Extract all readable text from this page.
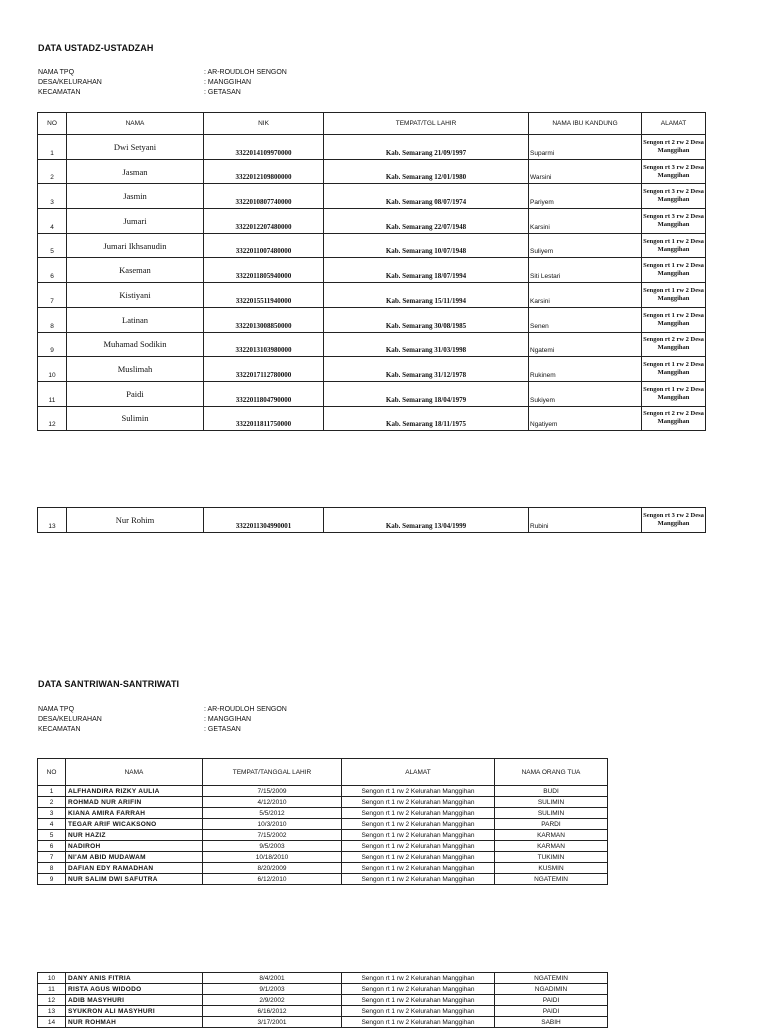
DATA USTADZ-USTADZAH
NAMA TPQ	: AR-ROUDLOH SENGON
DESA/KELURAHAN	: MANGGIHAN
KECAMATAN	: GETASAN
NO	NAMA	NIK	TEMPAT/TGL LAHIR	NAMA IBU KANDUNG	ALAMAT
1	Dwi Setyani	3322014109970000	Kab. Semarang 21/09/1997	Suparmi	Sengon rt 2 rw 2 Desa Manggihan
2	Jasman	3322012109800000	Kab. Semarang 12/01/1980	Warsini	Sengon rt 3 rw 2 Desa Manggihan
3	Jasmin	3322010807740000	Kab. Semarang 08/07/1974	Pariyem	Sengon rt 3 rw 2 Desa Manggihan
4	Jumari	3322012207480000	Kab. Semarang 22/07/1948	Karsini	Sengon rt 3 rw 2 Desa Manggihan
5	Jumari Ikhsanudin	3322011007480000	Kab. Semarang 10/07/1948	Suliyem	Sengon rt 1 rw 2 Desa Manggihan
6	Kaseman	3322011805940000	Kab. Semarang 18/07/1994	Siti Lestari	Sengon rt 1 rw 2 Desa Manggihan
7	Kistiyani	3322015511940000	Kab. Semarang 15/11/1994	Karsini	Sengon rt 1 rw 2 Desa Manggihan
8	Latinan	3322013008850000	Kab. Semarang 30/08/1985	Senen	Sengon rt 1 rw 2 Desa Manggihan
9	Muhamad Sodikin	3322013103980000	Kab. Semarang 31/03/1998	Ngatemi	Sengon rt 2 rw 2 Desa Manggihan
10	Muslimah	3322017112780000	Kab. Semarang 31/12/1978	Rukinem	Sengon rt 1 rw 2 Desa Manggihan
11	Paidi	3322011804790000	Kab. Semarang 18/04/1979	Sukiyem	Sengon rt 1 rw 2 Desa Manggihan
12	Sulimin	3322011811750000	Kab. Semarang 18/11/1975	Ngatiyem	Sengon rt 2 rw 2 Desa Manggihan
13	Nur Rohim	3322011304990001	Kab. Semarang 13/04/1999	Rubini	Sengon rt 3 rw 2 Desa Manggihan
DATA SANTRIWAN-SANTRIWATI
NAMA TPQ	: AR-ROUDLOH SENGON
DESA/KELURAHAN	: MANGGIHAN
KECAMATAN	: GETASAN
NO	NAMA	TEMPAT/TANGGAL LAHIR	ALAMAT	NAMA ORANG TUA
1	ALFHANDIRA RIZKY AULIA	7/15/2009	Sengon rt 1 rw 2 Kelurahan Manggihan	BUDI
2	ROHMAD NUR ARIFIN	4/12/2010	Sengon rt 1 rw 2 Kelurahan Manggihan	SULIMIN
3	KIANA AMIRA FARRAH	5/5/2012	Sengon rt 1 rw 2 Kelurahan Manggihan	SULIMIN
4	TEGAR ARIF WICAKSONO	10/3/2010	Sengon rt 1 rw 2 Kelurahan Manggihan	PARDI
5	NUR HAZIZ	7/15/2002	Sengon rt 1 rw 2 Kelurahan Manggihan	KARMAN
6	NADIROH	9/5/2003	Sengon rt 1 rw 2 Kelurahan Manggihan	KARMAN
7	NI'AM ABID MUDAWAM	10/18/2010	Sengon rt 1 rw 2 Kelurahan Manggihan	TUKIMIN
8	DAFIAN EDY RAMADHAN	8/20/2009	Sengon rt 1 rw 2 Kelurahan Manggihan	KUSMIN
9	NUR SALIM DWI SAFUTRA	6/12/2010	Sengon rt 1 rw 2 Kelurahan Manggihan	NGATEMIN
10	DANY ANIS FITRIA	8/4/2001	Sengon rt 1 rw 2 Kelurahan Manggihan	NGATEMIN
11	RISTA AGUS WIDODO	9/1/2003	Sengon rt 1 rw 2 Kelurahan Manggihan	NGADIMIN
12	ADIB MASYHURI	2/9/2002	Sengon rt 1 rw 2 Kelurahan Manggihan	PAIDI
13	SYUKRON ALI MASYHURI	6/16/2012	Sengon rt 1 rw 2 Kelurahan Manggihan	PAIDI
14	NUR ROHMAH	3/17/2001	Sengon rt 1 rw 2 Kelurahan Manggihan	SABIH
